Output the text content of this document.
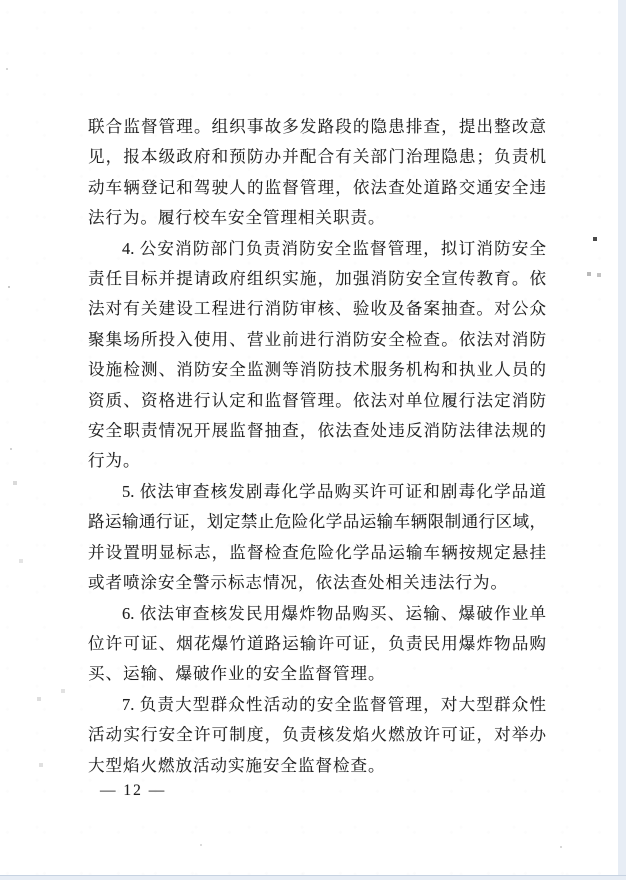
联合监督管理。组织事故多发路段的隐患排查，提出整改意
见，报本级政府和预防办并配合有关部门治理隐患；负责机
动车辆登记和驾驶人的监督管理，依法查处道路交通安全违
法行为。履行校车安全管理相关职责。
4. 公安消防部门负责消防安全监督管理，拟订消防安全
责任目标并提请政府组织实施，加强消防安全宣传教育。依
法对有关建设工程进行消防审核、验收及备案抽查。对公众
聚集场所投入使用、营业前进行消防安全检查。依法对消防
设施检测、消防安全监测等消防技术服务机构和执业人员的
资质、资格进行认定和监督管理。依法对单位履行法定消防
安全职责情况开展监督抽查，依法查处违反消防法律法规的
行为。
5. 依法审查核发剧毒化学品购买许可证和剧毒化学品道
路运输通行证，划定禁止危险化学品运输车辆限制通行区域，
并设置明显标志，监督检查危险化学品运输车辆按规定悬挂
或者喷涂安全警示标志情况，依法查处相关违法行为。
6. 依法审查核发民用爆炸物品购买、运输、爆破作业单
位许可证、烟花爆竹道路运输许可证，负责民用爆炸物品购
买、运输、爆破作业的安全监督管理。
7. 负责大型群众性活动的安全监督管理，对大型群众性
活动实行安全许可制度，负责核发焰火燃放许可证，对举办
大型焰火燃放活动实施安全监督检查。
— 12 —
